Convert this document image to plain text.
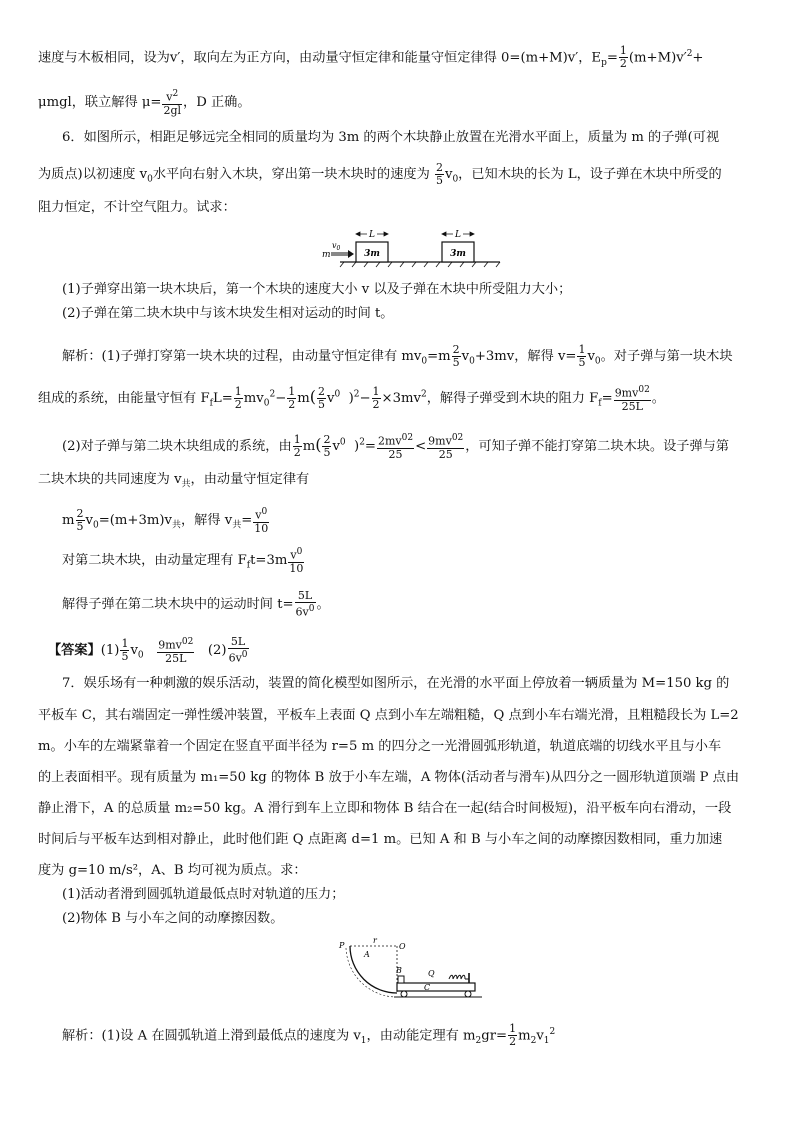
速度与木板相同，设为v′，取向左为正方向，由动量守恒定律和能量守恒定律得 0=(m+M)v′，$E_p= \frac{1}{2} (m+M)v'^2+$
μmgl，联立解得 $\mu= \frac{v^2}{2gl}$ ，D 正确。
6．如图所示，相距足够远完全相同的质量均为 3m 的两个木块静止放置在光滑水平面上，质量为 m 的子弹(可视
为质点)以初速度 $v_0$水平向右射入木块，穿出第一块木块时的速度为 $\frac{2}{5} v_0$，已知木块的长为 L，设子弹在木块中所受的
阻力恒定，不计空气阻力。试求：
3m	3m
L	L
$v_0$
m
(1)子弹穿出第一块木块后，第一个木块的速度大小 v 以及子弹在木块中所受阻力大小；
(2)子弹在第二块木块中与该木块发生相对运动的时间 t。
解析：(1)子弹打穿第一块木块的过程，由动量守恒定律有 $mv_0=m \frac{2}{5} v_0+3mv$，解得 $v= \frac{1}{5} v_0$。对子弹与第一块木块
组成的系统，由能量守恒有 $F_fL= \frac{1}{2} mv_0^2- \frac{1}{2} m( \frac{2}{5} v^0$ )$^2- \frac{1}{2} \times 3mv^2$，解得子弹受到木块的阻力 $F_f= \frac{9mv^{02}}{25L}$ 。
(2)对子弹与第二块木块组成的系统，由 $\frac{1}{2} m( \frac{2}{5} v^0$ )$^2= \frac{2mv^{02}}{25} < \frac{9mv^{02}}{25}$ ，可知子弹不能打穿第二块木块。设子弹与第
二块木块的共同速度为 $v_共$，由动量守恒定律有
m $\frac{2}{5} v_0=(m+3m)v_共$，解得 $v_共= \frac{v^0}{10}$
对第二块木块，由动量定理有 $F_ft=3m \frac{v^0}{10}$
解得子弹在第二块木块中的运动时间 $t= \frac{5L}{6v^0}$ 。
【答案】$(1) \frac{1}{5} v_0 \frac{9mv^{02}}{25L} (2) \frac{5L}{6v^0}$
7．娱乐场有一种刺激的娱乐活动，装置的简化模型如图所示，在光滑的水平面上停放着一辆质量为 M=150 kg 的
平板车 C，其右端固定一弹性缓冲装置，平板车上表面 Q 点到小车左端粗糙，Q 点到小车右端光滑，且粗糙段长为 L=2
m。小车的左端紧靠着一个固定在竖直平面半径为 r=5 m 的四分之一光滑圆弧形轨道，轨道底端的切线水平且与小车
的上表面相平。现有质量为 m₁=50 kg 的物体 B 放于小车左端，A 物体(活动者与滑车)从四分之一圆形轨道顶端 P 点由
静止滑下，A 的总质量 m₂=50 kg。A 滑行到车上立即和物体 B 结合在一起(结合时间极短)，沿平板车向右滑动，一段
时间后与平板车达到相对静止，此时他们距 Q 点距离 d=1 m。已知 A 和 B 与小车之间的动摩擦因数相同，重力加速
度为 g=10 m/s²，A、B 均可视为质点。求：
(1)活动者滑到圆弧轨道最低点时对轨道的压力；
(2)物体 B 与小车之间的动摩擦因数。
P
r
O
A
B	Q
C
解析：(1)设 A 在圆弧轨道上滑到最低点的速度为 $v_1$，由动能定理有 $m_2gr= \frac{1}{2} m_2v_1^2$
